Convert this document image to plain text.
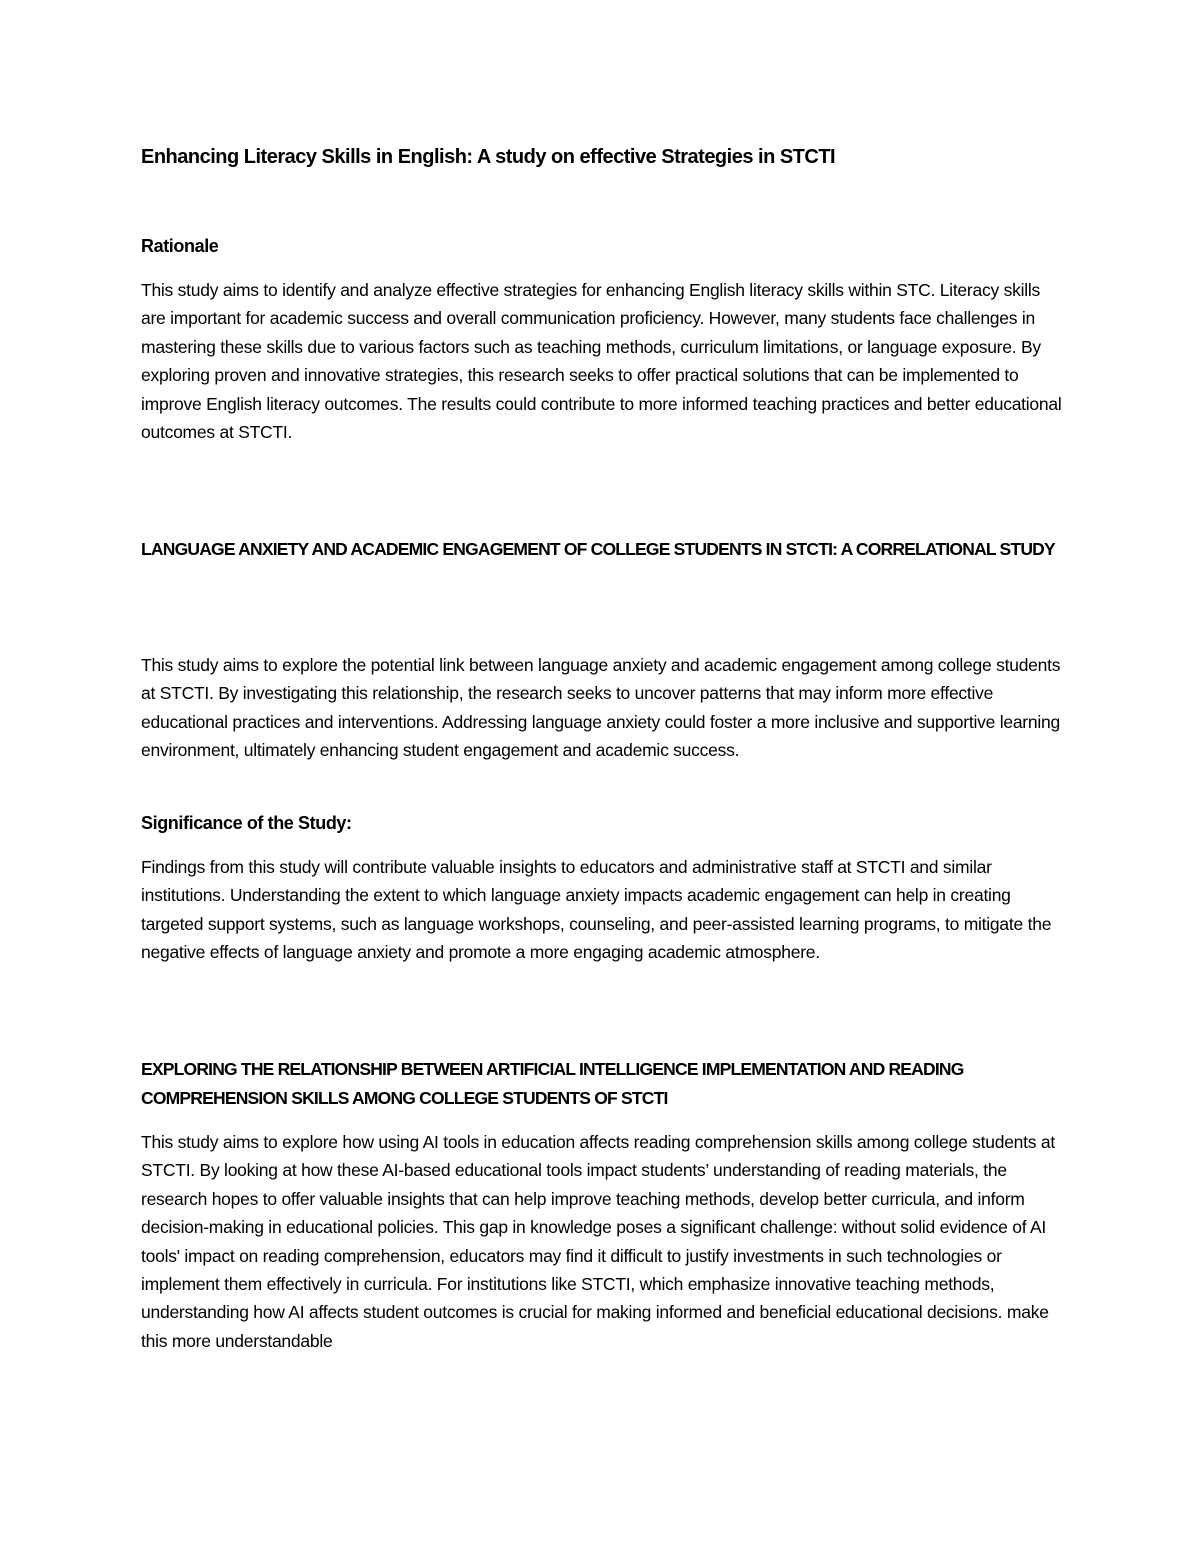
Enhancing Literacy Skills in English: A study on effective Strategies in STCTI
Rationale

This study aims to identify and analyze effective strategies for enhancing English literacy skills within STC. Literacy skills are important for academic success and overall communication proficiency. However, many students face challenges in mastering these skills due to various factors such as teaching methods, curriculum limitations, or language exposure. By exploring proven and innovative strategies, this research seeks to offer practical solutions that can be implemented to improve English literacy outcomes. The results could contribute to more informed teaching practices and better educational outcomes at STCTI.

LANGUAGE ANXIETY AND ACADEMIC ENGAGEMENT OF COLLEGE STUDENTS IN STCTI: A CORRELATIONAL STUDY

This study aims to explore the potential link between language anxiety and academic engagement among college students at STCTI. By investigating this relationship, the research seeks to uncover patterns that may inform more effective educational practices and interventions. Addressing language anxiety could foster a more inclusive and supportive learning environment, ultimately enhancing student engagement and academic success.

Significance of the Study:

Findings from this study will contribute valuable insights to educators and administrative staff at STCTI and similar institutions. Understanding the extent to which language anxiety impacts academic engagement can help in creating targeted support systems, such as language workshops, counseling, and peer-assisted learning programs, to mitigate the negative effects of language anxiety and promote a more engaging academic atmosphere.

EXPLORING THE RELATIONSHIP BETWEEN ARTIFICIAL INTELLIGENCE IMPLEMENTATION AND READING COMPREHENSION SKILLS AMONG COLLEGE STUDENTS OF STCTI

This study aims to explore how using AI tools in education affects reading comprehension skills among college students at STCTI. By looking at how these AI-based educational tools impact students’ understanding of reading materials, the research hopes to offer valuable insights that can help improve teaching methods, develop better curricula, and inform decision-making in educational policies. This gap in knowledge poses a significant challenge: without solid evidence of AI tools' impact on reading comprehension, educators may find it difficult to justify investments in such technologies or implement them effectively in curricula. For institutions like STCTI, which emphasize innovative teaching methods, understanding how AI affects student outcomes is crucial for making informed and beneficial educational decisions. make this more understandable
